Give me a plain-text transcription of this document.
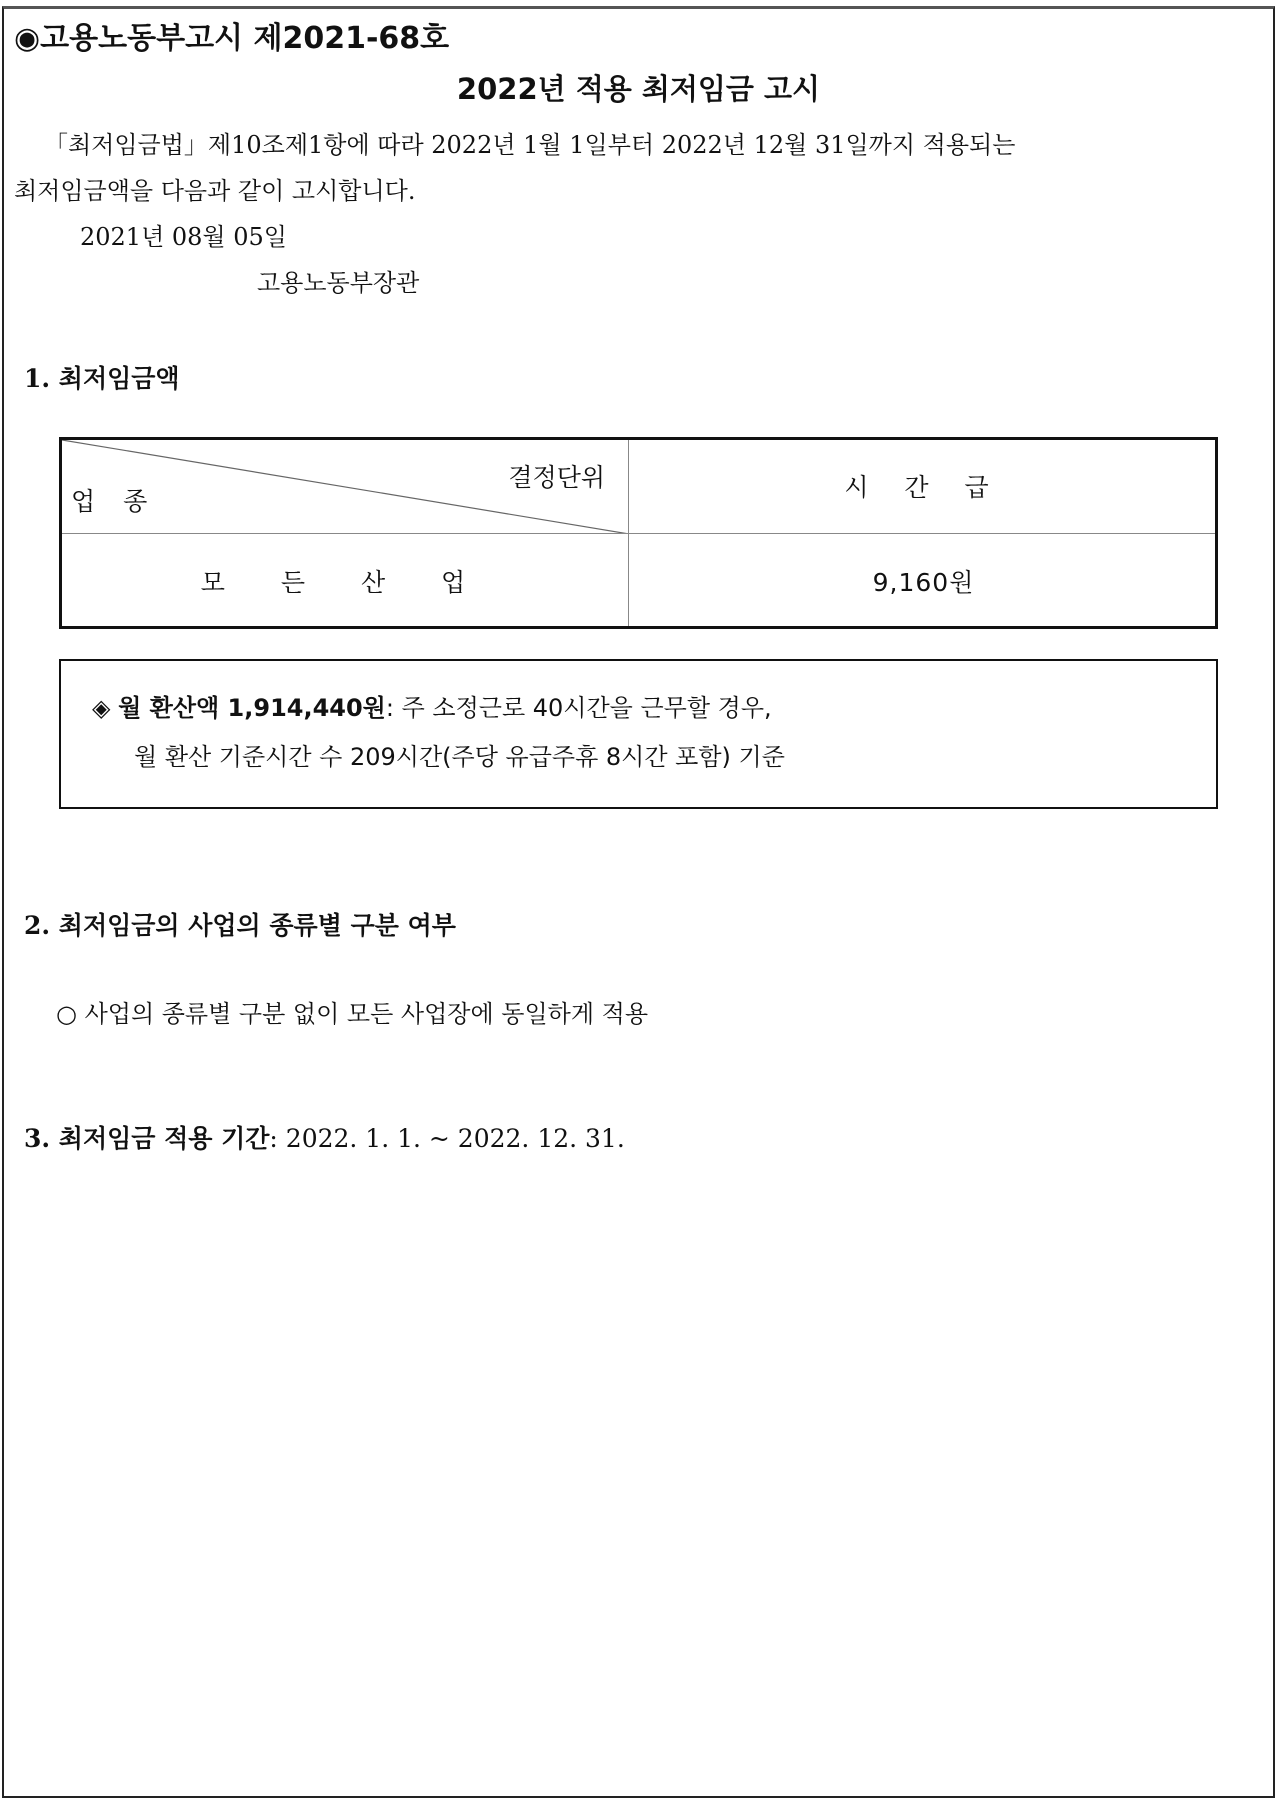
◉고용노동부고시 제2021-68호
2022년 적용 최저임금 고시
「최저임금법」제10조제1항에 따라 2022년 1월 1일부터 2022년 12월 31일까지 적용되는
최저임금액을 다음과 같이 고시합니다.
2021년 08월 05일
고용노동부장관
1. 최저임금액
결정단위
업 종	시 간 급
모 든 산 업	9,160원
◈ 월 환산액 1,914,440원: 주 소정근로 40시간을 근무할 경우,
월 환산 기준시간 수 209시간(주당 유급주휴 8시간 포함) 기준
2. 최저임금의 사업의 종류별 구분 여부
○ 사업의 종류별 구분 없이 모든 사업장에 동일하게 적용
3. 최저임금 적용 기간: 2022. 1. 1. ~ 2022. 12. 31.
